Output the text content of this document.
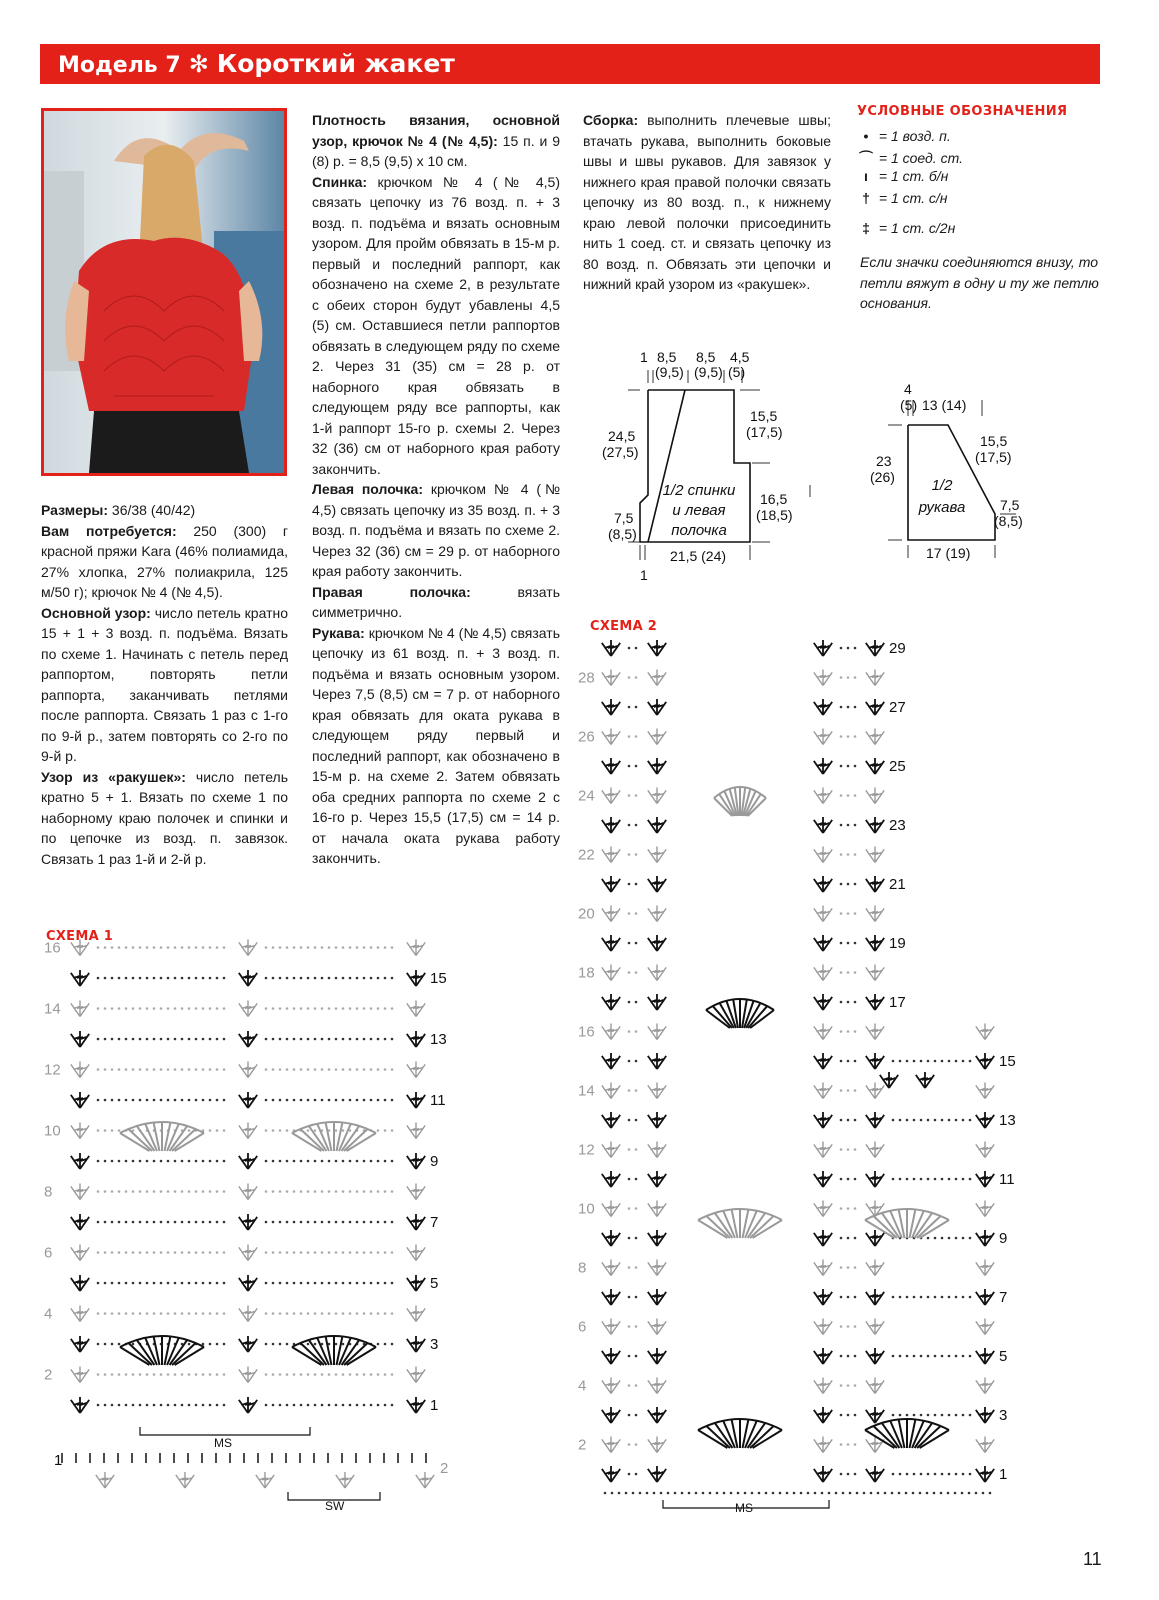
Модель 7 ✻ Короткий жакет

Размеры: 36/38 (40/42)

Вам потребуется: 250 (300) г красной пряжи Kara (46% полиамида, 27% хлопка, 27% полиакрила, 125 м/50 г); крючок № 4 (№ 4,5).

Основной узор: число петель кратно 15 + 1 + 3 возд. п. подъёма. Вязать по схеме 1. Начинать с петель перед раппортом, повторять петли раппорта, заканчивать петлями после раппорта. Связать 1 раз с 1-го по 9-й р., затем повторять со 2-го по 9-й р.

Узор из «ракушек»: число петель кратно 5 + 1. Вязать по схеме 1 по наборному краю полочек и спинки и по цепочке из возд. п. завязок. Связать 1 раз 1-й и 2-й р.

Плотность вязания, основной узор, крючок № 4 (№ 4,5): 15 п. и 9 (8) р. = 8,5 (9,5) х 10 см.

Спинка: крючком № 4 (№ 4,5) связать цепочку из 76 возд. п. + 3 возд. п. подъёма и вязать основным узором. Для пройм обвязать в 15-м р. первый и последний раппорт, как обозначено на схеме 2, в результате с обеих сторон будут убавлены 4,5 (5) см. Оставшиеся петли раппортов обвязать в следующем ряду по схеме 2. Через 31 (35) см = 28 р. от наборного края обвязать в следующем ряду все раппорты, как 1-й раппорт 15-го р. схемы 2. Через 32 (36) см от наборного края работу закончить.

Левая полочка: крючком № 4 (№ 4,5) связать цепочку из 35 возд. п. + 3 возд. п. подъёма и вязать по схеме 2. Через 32 (36) см = 29 р. от наборного края работу закончить.

Правая полочка: вязать симметрично.

Рукава: крючком № 4 (№ 4,5) связать цепочку из 61 возд. п. + 3 возд. п. подъёма и вязать основным узором. Через 7,5 (8,5) см = 7 р. от наборного края обвязать для оката рукава в следующем ряду первый и последний раппорт, как обозначено в 15-м р. на схеме 2. Затем обвязать оба средних раппорта по схеме 2 с 16-го р. Через 15,5 (17,5) см = 14 р. от начала оката рукава работу закончить.

Сборка: выполнить плечевые швы; втачать рукава, выполнить боковые швы и швы рукавов. Для завязок у нижнего края правой полочки связать цепочку из 80 возд. п., к нижнему краю левой полочки присоединить нить 1 соед. ст. и связать цепочку из 80 возд. п. Обвязать эти цепочки и нижний край узором из «ракушек».

УСЛОВНЫЕ ОБОЗНАЧЕНИЯ
• = 1 возд. п.
⌒ = 1 соед. ст.
ı = 1 ст. б/н
† = 1 ст. с/н
‡ = 1 ст. с/2н
Если значки соединяются внизу, то петли вяжут в одну и ту же петлю основания.
1 8,5 8,5 4,5
(9,5) (9,5) (5)
24,5
(27,5)
15,5
(17,5)
16,5
(18,5)
7,5
(8,5)
21,5 (24)
1
1/2 спинки
и левая
полочка
4
(5) 13 (14)
23
(26)
15,5
(17,5)
7,5
(8,5)
17 (19)
1/2
рукава
СХЕМА 1
15
13
11
9
7
5
3
1
16
14
12
10
8
6
4
2
MS
1
SW
2
СХЕМА 2
29
27
25
23
21
19
17
15
13
11
9
7
5
3
1
28
26
24
22
20
18
16
14
12
10
8
6
4
2
MS
11
